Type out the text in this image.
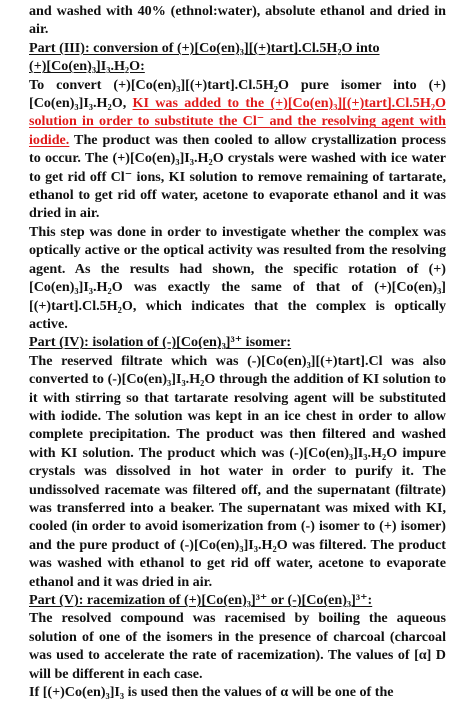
and washed with 40% (ethnol:water), absolute ethanol and dried in air.

Part (III): conversion of (+)[Co(en)₃][(+)tart].Cl.5H₂O into

(+)[Co(en)₃]I₃.H₂O:

To convert (+)[Co(en)₃][(+)tart].Cl.5H₂O pure isomer into (+)[Co(en)₃]I₃.H₂O, KI was added to the (+)[Co(en)₃][(+)tart].Cl.5H₂O solution in order to substitute the Cl⁻ and the resolving agent with iodide. The product was then cooled to allow crystallization process to occur. The (+)[Co(en)₃]I₃.H₂O crystals were washed with ice water to get rid off Cl⁻ ions, KI solution to remove remaining of tartarate, ethanol to get rid off water, acetone to evaporate ethanol and it was dried in air.

This step was done in order to investigate whether the complex was optically active or the optical activity was resulted from the resolving agent. As the results had shown, the specific rotation of (+)[Co(en)₃]I₃.H₂O was exactly the same of that of (+)[Co(en)₃][(+)tart].Cl.5H₂O, which indicates that the complex is optically active.

Part (IV): isolation of (-)[Co(en)₃]³⁺ isomer:

The reserved filtrate which was (-)[Co(en)₃][(+)tart].Cl was also converted to (-)[Co(en)₃]I₃.H₂O through the addition of KI solution to it with stirring so that tartarate resolving agent will be substituted with iodide. The solution was kept in an ice chest in order to allow complete precipitation. The product was then filtered and washed with KI solution. The product which was (-)[Co(en)₃]I₃.H₂O impure crystals was dissolved in hot water in order to purify it. The undissolved racemate was filtered off, and the supernatant (filtrate) was transferred into a beaker. The supernatant was mixed with KI, cooled (in order to avoid isomerization from (-) isomer to (+) isomer) and the pure product of (-)[Co(en)₃]I₃.H₂O was filtered. The product was washed with ethanol to get rid off water, acetone to evaporate ethanol and it was dried in air.

Part (V): racemization of (+)[Co(en)₃]³⁺ or (-)[Co(en)₃]³⁺:

The resolved compound was racemised by boiling the aqueous solution of one of the isomers in the presence of charcoal (charcoal was used to accelerate the rate of racemization). The values of [α] D will be different in each case.

If [(+)Co(en)₃]I₃ is used then the values of α will be one of the
